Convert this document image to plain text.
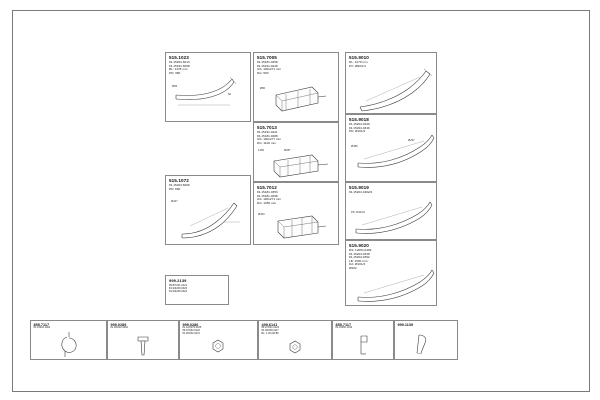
515.1023
81.15204.6013
81.15191.6068
BL: 1478 mm
PD: 380
Ø65
60
515.7005
81.15181.0258
81.15191.0248
GS: 190x271 mm
DG: 500
Ø80
515.9010
DL: 1270 mm
PC: Ø90/2.0
515.7013
81.15191.0221
81.15181.0288
GS: 190x277 mm
DG: 1100 mm
1456	Ø287
515.9018
81.15204.0440
81.15204.0349
PD: Ø101/2
Ø480
Ø297
515.1072
81.15204.6069
PD: 890
Ø427
515.7012
81.15181.0353
81.15181.0298
GS: 190x271 mm
DG: 1050 mm
Ø400
515.9019
81.15204.0402/2
PD: Ø101/2
515.9020
RS: 12054.0409
81.15204.0348
81.15204.0392
LB: 1500 mm
DA: Ø101/2
Ø402
999.2139
99.8/7241.0121
81.9/3246.0023
81.9/3246.0024
855.7117
81.15203.1004
999.0289
81.9/0212.0062
999.0286
81.12/0079.0165
89.07/042.0122
81.9/0232.0072
499.6141
89.07/041.0123
81.9/0236.0117
BL: 1.0/0.90 BF
855.7117
81.15060.1013
999.1139
